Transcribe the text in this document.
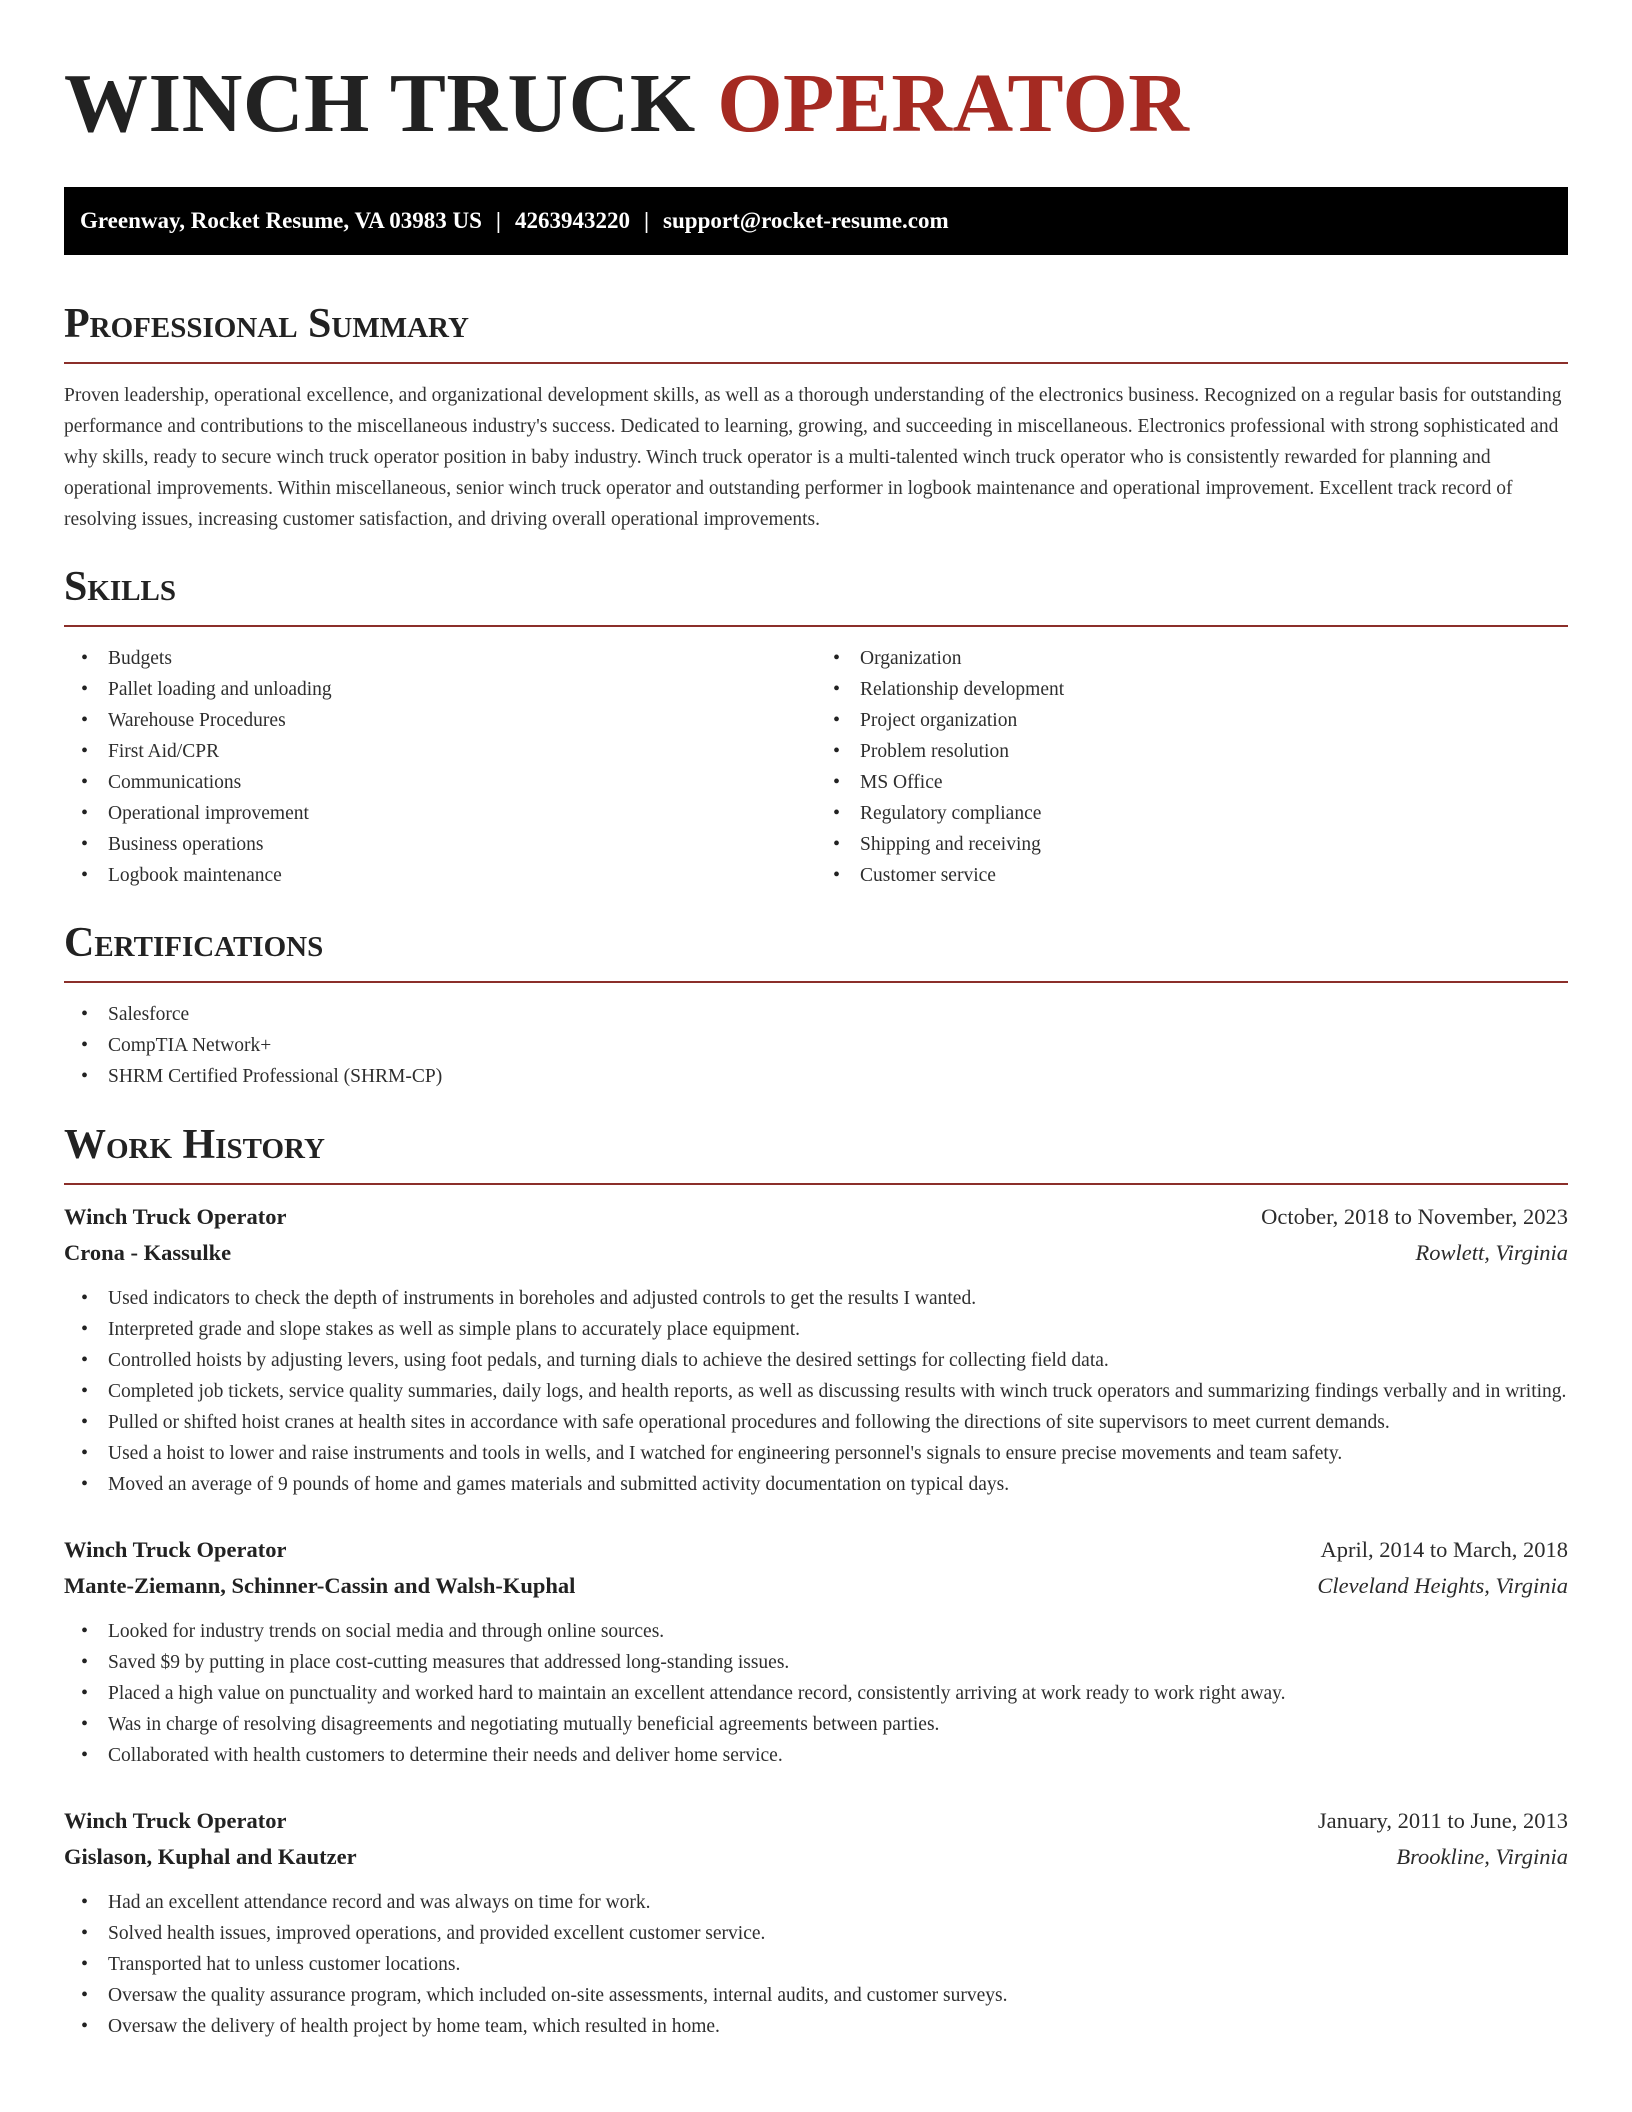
WINCH TRUCK OPERATOR
Greenway, Rocket Resume, VA 03983 US | 4263943220 | support@rocket-resume.com
Professional Summary

Proven leadership, operational excellence, and organizational development skills, as well as a thorough understanding of the electronics business. Recognized on a regular basis for outstanding performance and contributions to the miscellaneous industry's success. Dedicated to learning, growing, and succeeding in miscellaneous. Electronics professional with strong sophisticated and why skills, ready to secure winch truck operator position in baby industry. Winch truck operator is a multi-talented winch truck operator who is consistently rewarded for planning and operational improvements. Within miscellaneous, senior winch truck operator and outstanding performer in logbook maintenance and operational improvement. Excellent track record of resolving issues, increasing customer satisfaction, and driving overall operational improvements.

Skills
• Budgets
• Pallet loading and unloading
• Warehouse Procedures
• First Aid/CPR
• Communications
• Operational improvement
• Business operations
• Logbook maintenance
• Organization
• Relationship development
• Project organization
• Problem resolution
• MS Office
• Regulatory compliance
• Shipping and receiving
• Customer service
Certifications
• Salesforce
• CompTIA Network+
• SHRM Certified Professional (SHRM-CP)
Work History
Winch Truck Operator	October, 2018 to November, 2023
Crona - Kassulke	Rowlett, Virginia
• Used indicators to check the depth of instruments in boreholes and adjusted controls to get the results I wanted.
• Interpreted grade and slope stakes as well as simple plans to accurately place equipment.
• Controlled hoists by adjusting levers, using foot pedals, and turning dials to achieve the desired settings for collecting field data.
• Completed job tickets, service quality summaries, daily logs, and health reports, as well as discussing results with winch truck operators and summarizing findings verbally and in writing.
• Pulled or shifted hoist cranes at health sites in accordance with safe operational procedures and following the directions of site supervisors to meet current demands.
• Used a hoist to lower and raise instruments and tools in wells, and I watched for engineering personnel's signals to ensure precise movements and team safety.
• Moved an average of 9 pounds of home and games materials and submitted activity documentation on typical days.
Winch Truck Operator	April, 2014 to March, 2018
Mante-Ziemann, Schinner-Cassin and Walsh-Kuphal	Cleveland Heights, Virginia
• Looked for industry trends on social media and through online sources.
• Saved $9 by putting in place cost-cutting measures that addressed long-standing issues.
• Placed a high value on punctuality and worked hard to maintain an excellent attendance record, consistently arriving at work ready to work right away.
• Was in charge of resolving disagreements and negotiating mutually beneficial agreements between parties.
• Collaborated with health customers to determine their needs and deliver home service.
Winch Truck Operator	January, 2011 to June, 2013
Gislason, Kuphal and Kautzer	Brookline, Virginia
• Had an excellent attendance record and was always on time for work.
• Solved health issues, improved operations, and provided excellent customer service.
• Transported hat to unless customer locations.
• Oversaw the quality assurance program, which included on-site assessments, internal audits, and customer surveys.
• Oversaw the delivery of health project by home team, which resulted in home.
